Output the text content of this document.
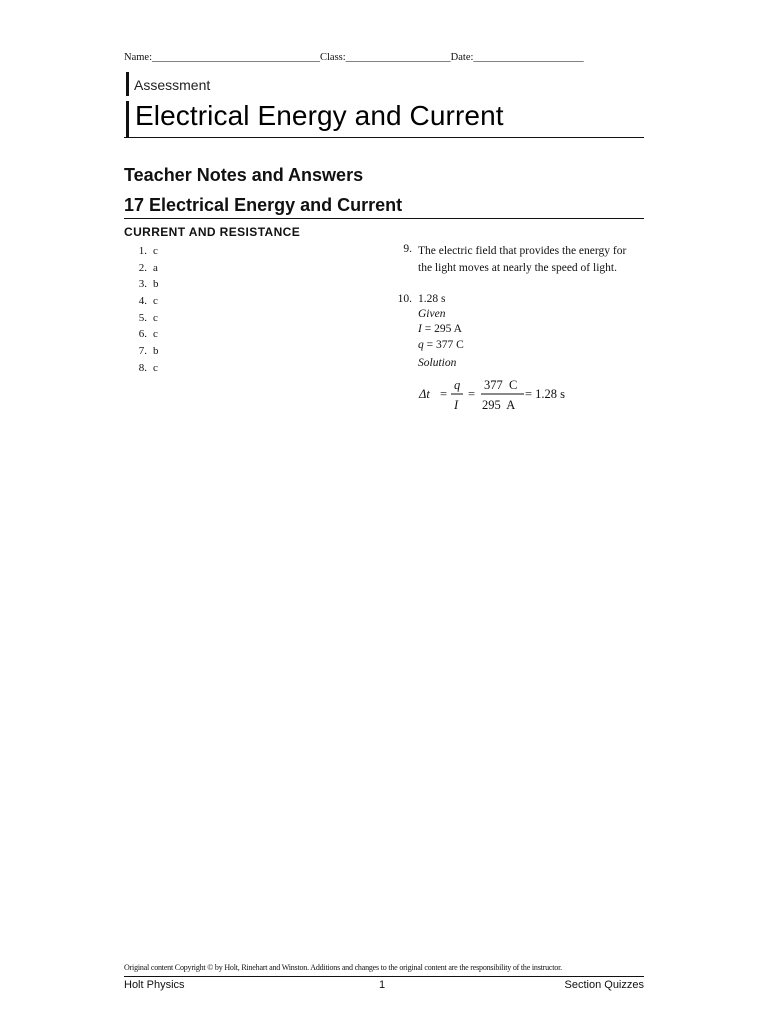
Name:________________________________Class:____________________Date:_____________________
Assessment
Electrical Energy and Current
Teacher Notes and Answers
17 Electrical Energy and Current
CURRENT AND RESISTANCE
1. c
2. a
3. b
4. c
5. c
6. c
7. b
8. c
9. The electric field that provides the energy for the light moves at nearly the speed of light.
10. 1.28 s
Given
I = 295 A
q = 377 C
Solution
Δt =
q
I
=
377  C
295  A
= 1.28 s
Original content Copyright © by Holt, Rinehart and Winston. Additions and changes to the original content are the responsibility of the instructor.
Holt Physics	1	Section Quizzes
